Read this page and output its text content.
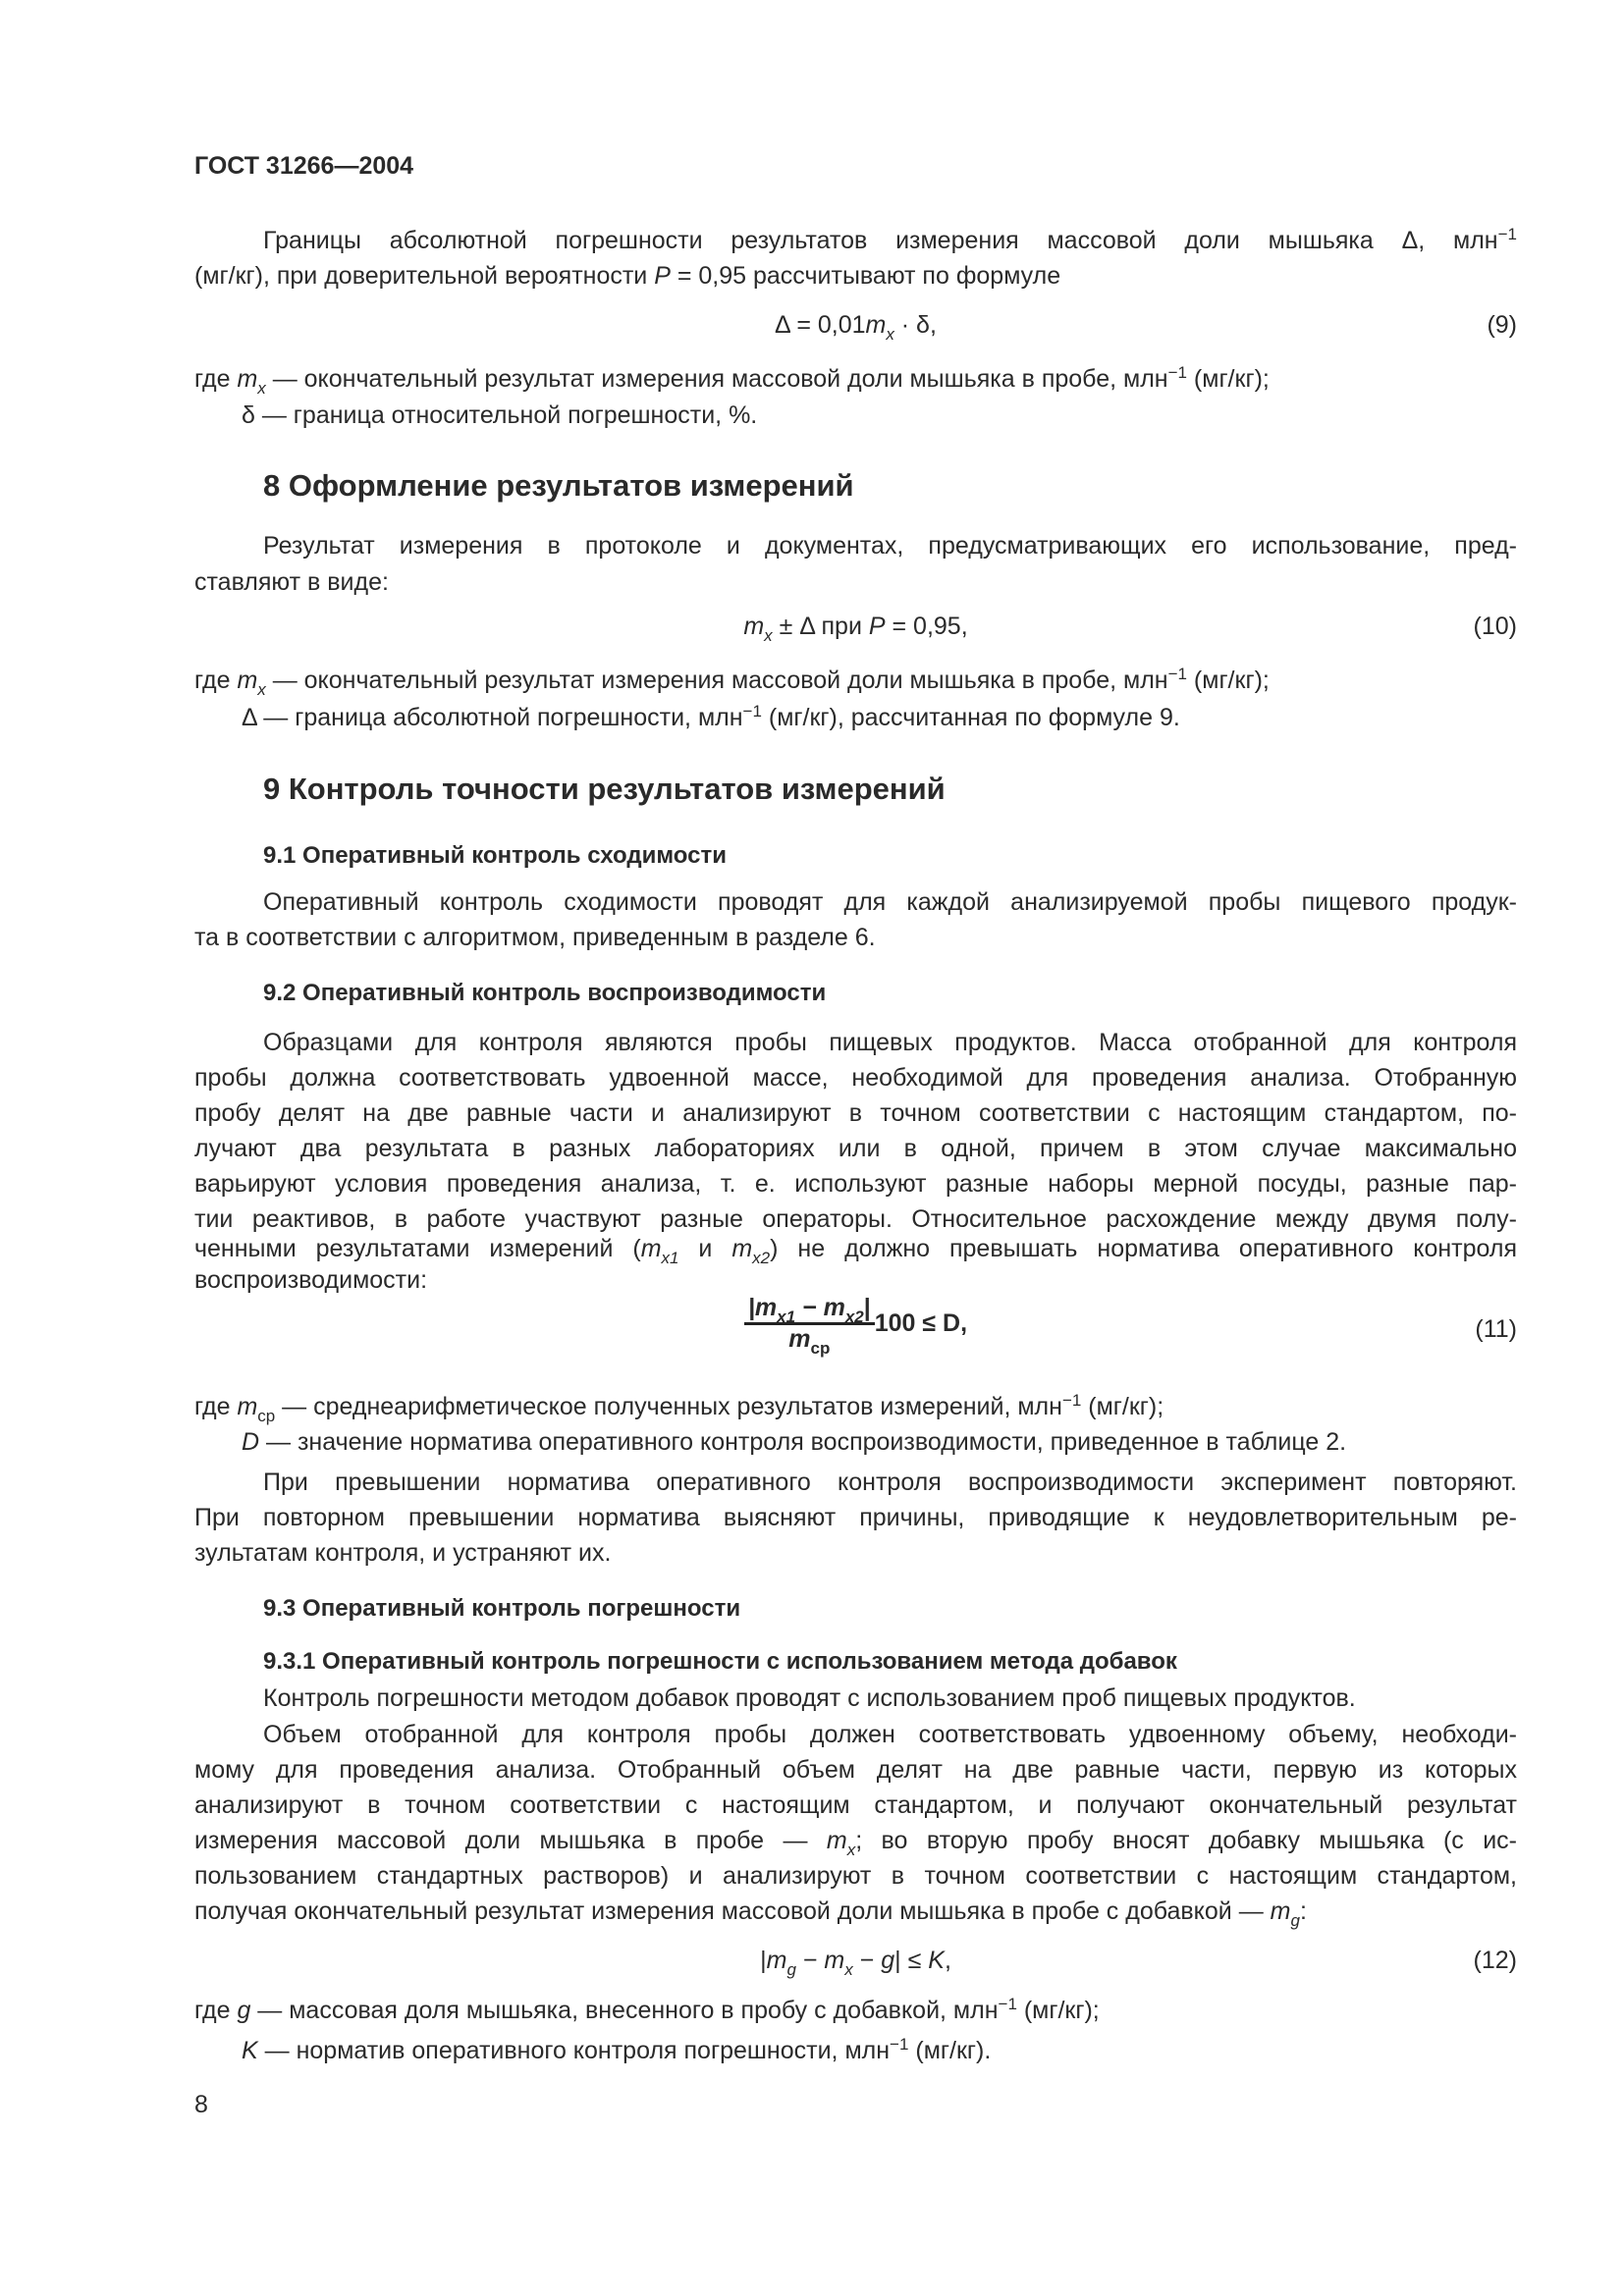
ГОСТ 31266—2004
Границы абсолютной погрешности результатов измерения массовой доли мышьяка Δ, млн$^{-1}$
(мг/кг), при доверительной вероятности P = 0,95 рассчитывают по формуле
$\Delta = 0,01m_x \cdot \delta$,	(9)
где $m_x$ — окончательный результат измерения массовой доли мышьяка в пробе, млн$^{-1}$ (мг/кг);
δ — граница относительной погрешности, %.
8 Оформление результатов измерений
Результат измерения в протоколе и документах, предусматривающих его использование, пред-
ставляют в виде:
$m_x \pm \Delta$ при P = 0,95,	(10)
где $m_x$ — окончательный результат измерения массовой доли мышьяка в пробе, млн$^{-1}$ (мг/кг);
Δ — граница абсолютной погрешности, млн$^{-1}$ (мг/кг), рассчитанная по формуле 9.
9 Контроль точности результатов измерений
9.1 Оперативный контроль сходимости
Оперативный контроль сходимости проводят для каждой анализируемой пробы пищевого продук-
та в соответствии с алгоритмом, приведенным в разделе 6.
9.2 Оперативный контроль воспроизводимости
Образцами для контроля являются пробы пищевых продуктов. Масса отобранной для контроля
пробы должна соответствовать удвоенной массе, необходимой для проведения анализа. Отобранную
пробу делят на две равные части и анализируют в точном соответствии с настоящим стандартом, по-
лучают два результата в разных лабораториях или в одной, причем в этом случае максимально
варьируют условия проведения анализа, т. е. используют разные наборы мерной посуды, разные пар-
тии реактивов, в работе участвуют разные операторы. Относительное расхождение между двумя полу-
ченными результатами измерений ($m_{x1}$ и $m_{x2}$) не должно превышать норматива оперативного контроля
воспроизводимости:
$\frac{|m_{x1} - m_{x2}|}{m_{cp}} 100 \le D$,	(11)
где $m_{cp}$ — среднеарифметическое полученных результатов измерений, млн$^{-1}$ (мг/кг);
D — значение норматива оперативного контроля воспроизводимости, приведенное в таблице 2.
При превышении норматива оперативного контроля воспроизводимости эксперимент повторяют.
При повторном превышении норматива выясняют причины, приводящие к неудовлетворительным ре-
зультатам контроля, и устраняют их.
9.3 Оперативный контроль погрешности
9.3.1 Оперативный контроль погрешности с использованием метода добавок
Контроль погрешности методом добавок проводят с использованием проб пищевых продуктов.
Объем отобранной для контроля пробы должен соответствовать удвоенному объему, необходи-
мому для проведения анализа. Отобранный объем делят на две равные части, первую из которых
анализируют в точном соответствии с настоящим стандартом, и получают окончательный результат
измерения массовой доли мышьяка в пробе — $m_x$; во вторую пробу вносят добавку мышьяка (с ис-
пользованием стандартных растворов) и анализируют в точном соответствии с настоящим стандартом,
получая окончательный результат измерения массовой доли мышьяка в пробе с добавкой — $m_g$:
$|m_g - m_x - g| \le K$,	(12)
где g — массовая доля мышьяка, внесенного в пробу с добавкой, млн$^{-1}$ (мг/кг);
K — норматив оперативного контроля погрешности, млн$^{-1}$ (мг/кг).
8
